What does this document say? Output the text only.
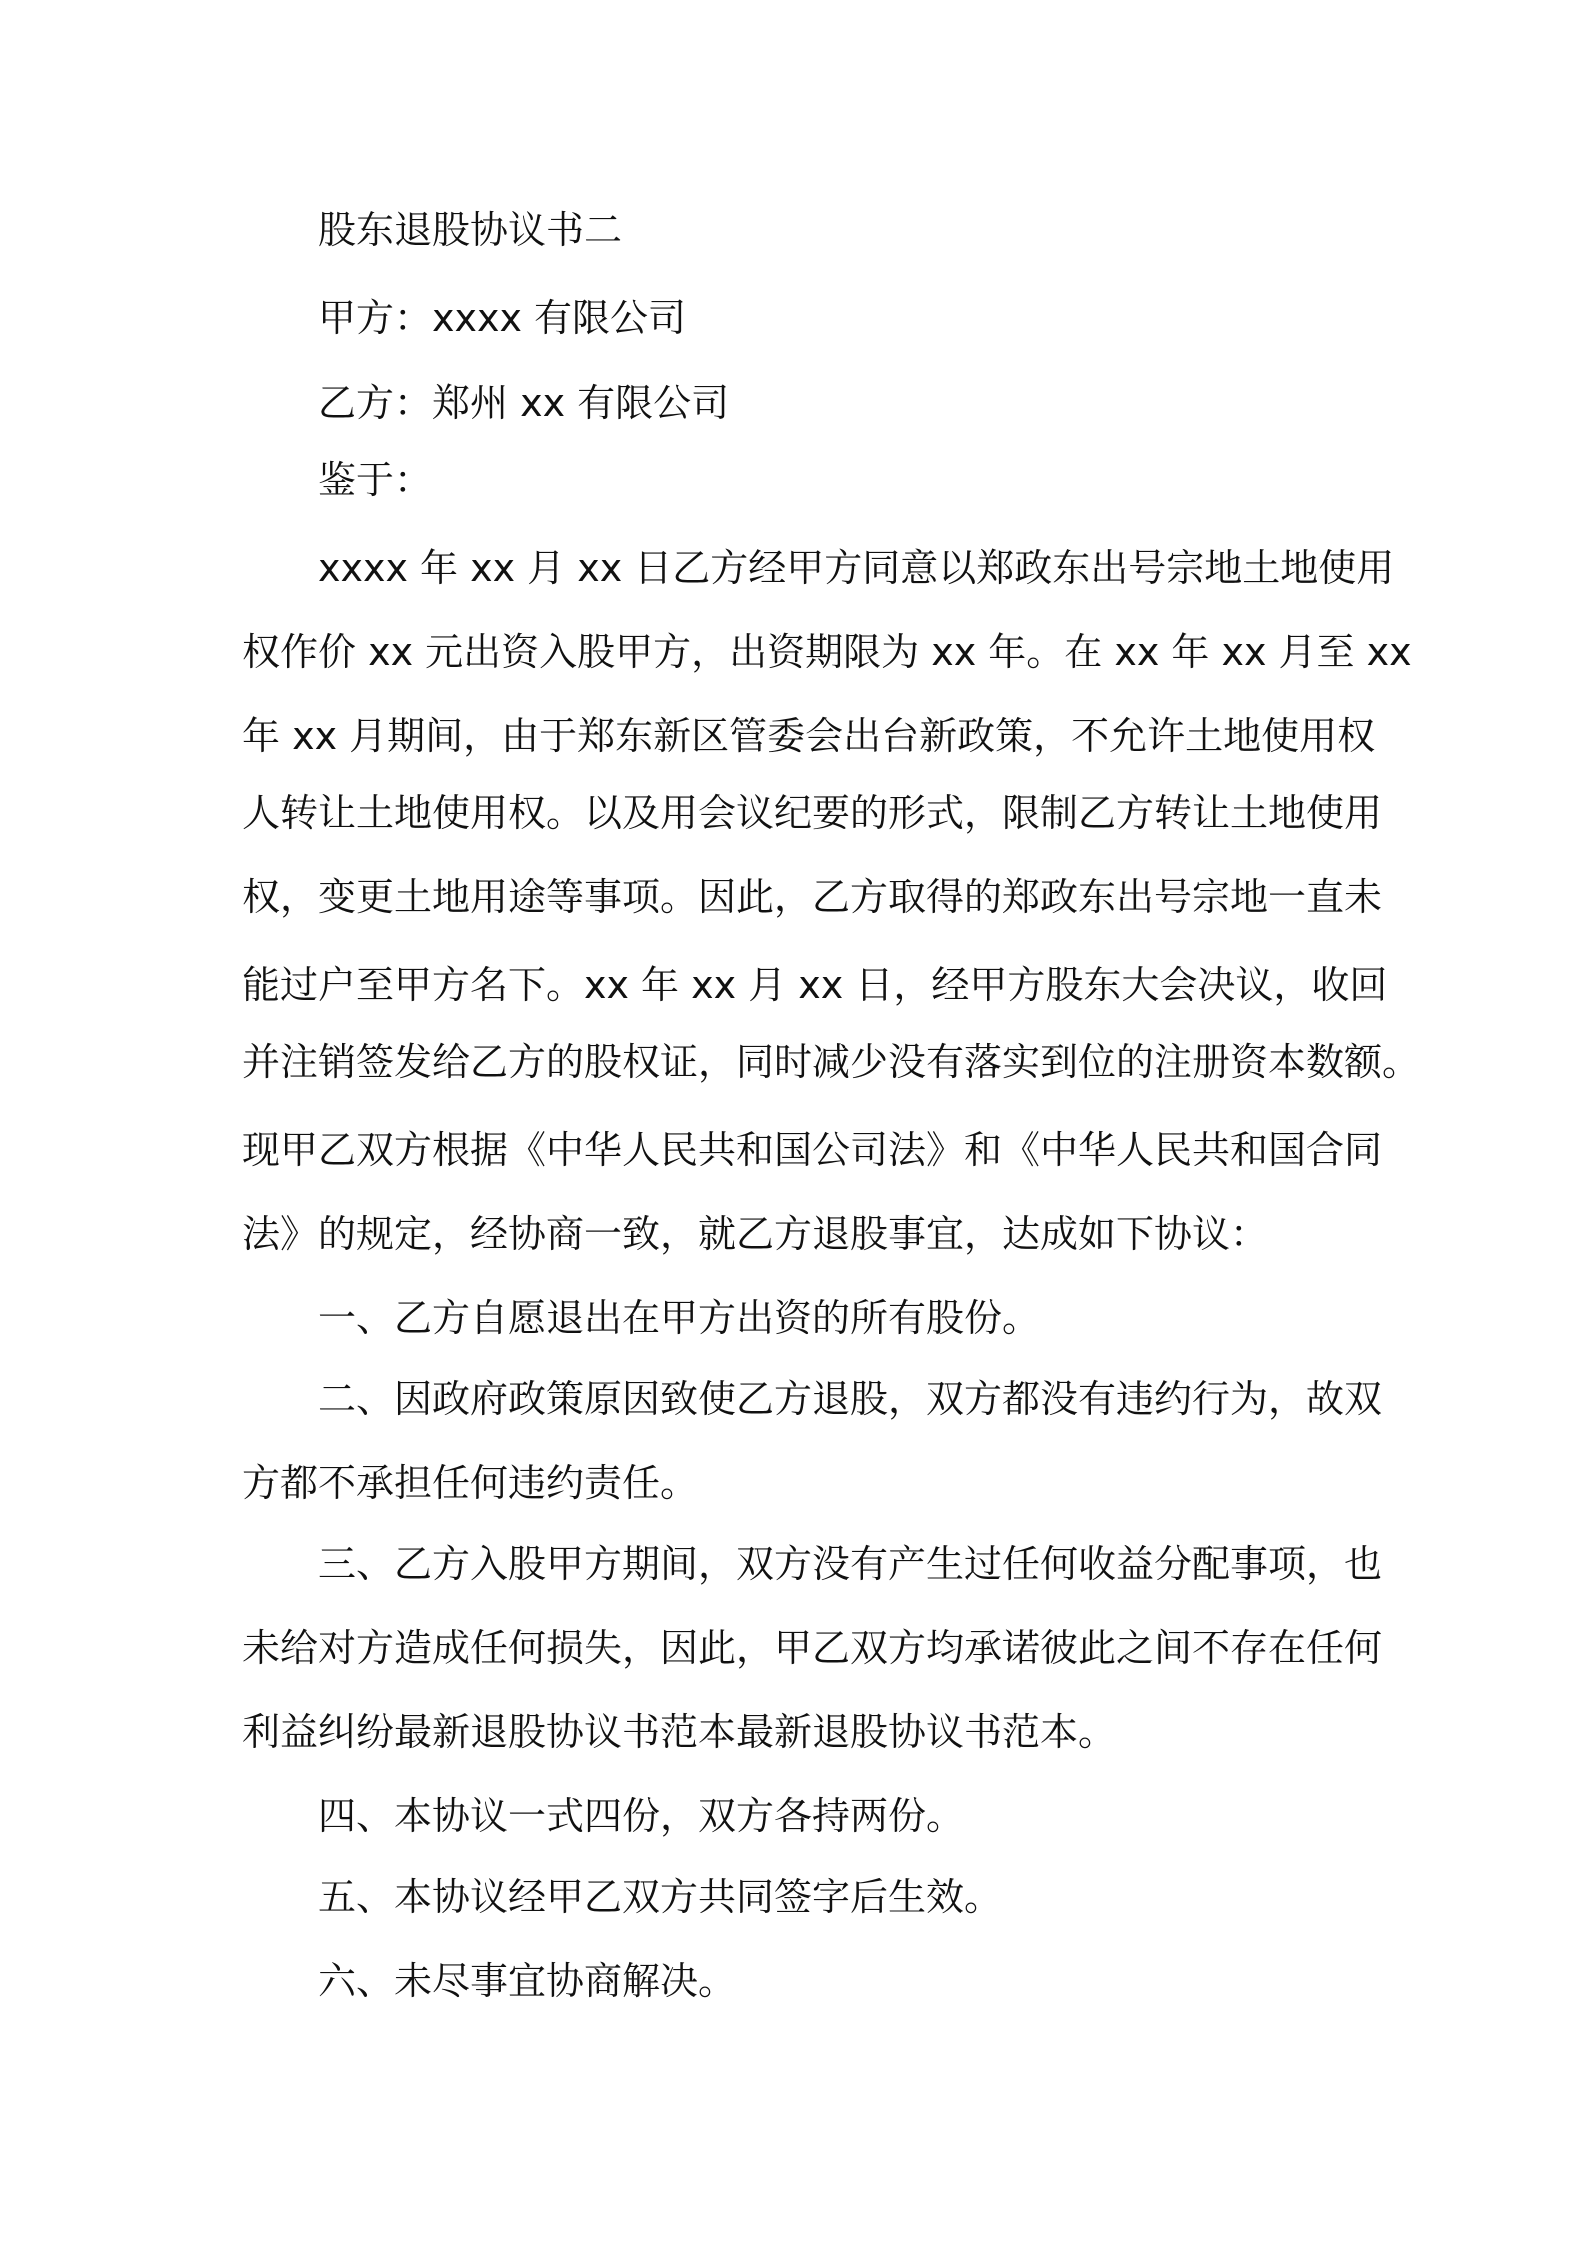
股东退股协议书二
甲方：xxxx 有限公司
乙方：郑州 xx 有限公司
鉴于：
xxxx 年 xx 月 xx 日乙方经甲方同意以郑政东出号宗地土地使用
权作价 xx 元出资入股甲方，出资期限为 xx 年。在 xx 年 xx 月至 xx
年 xx 月期间，由于郑东新区管委会出台新政策，不允许土地使用权
人转让土地使用权。以及用会议纪要的形式，限制乙方转让土地使用
权，变更土地用途等事项。因此，乙方取得的郑政东出号宗地一直未
能过户至甲方名下。xx 年 xx 月 xx 日，经甲方股东大会决议，收回
并注销签发给乙方的股权证，同时减少没有落实到位的注册资本数额。
现甲乙双方根据《中华人民共和国公司法》和《中华人民共和国合同
法》的规定，经协商一致，就乙方退股事宜，达成如下协议：
一、乙方自愿退出在甲方出资的所有股份。
二、因政府政策原因致使乙方退股，双方都没有违约行为，故双
方都不承担任何违约责任。
三、乙方入股甲方期间，双方没有产生过任何收益分配事项，也
未给对方造成任何损失，因此，甲乙双方均承诺彼此之间不存在任何
利益纠纷最新退股协议书范本最新退股协议书范本。
四、本协议一式四份，双方各持两份。
五、本协议经甲乙双方共同签字后生效。
六、未尽事宜协商解决。
